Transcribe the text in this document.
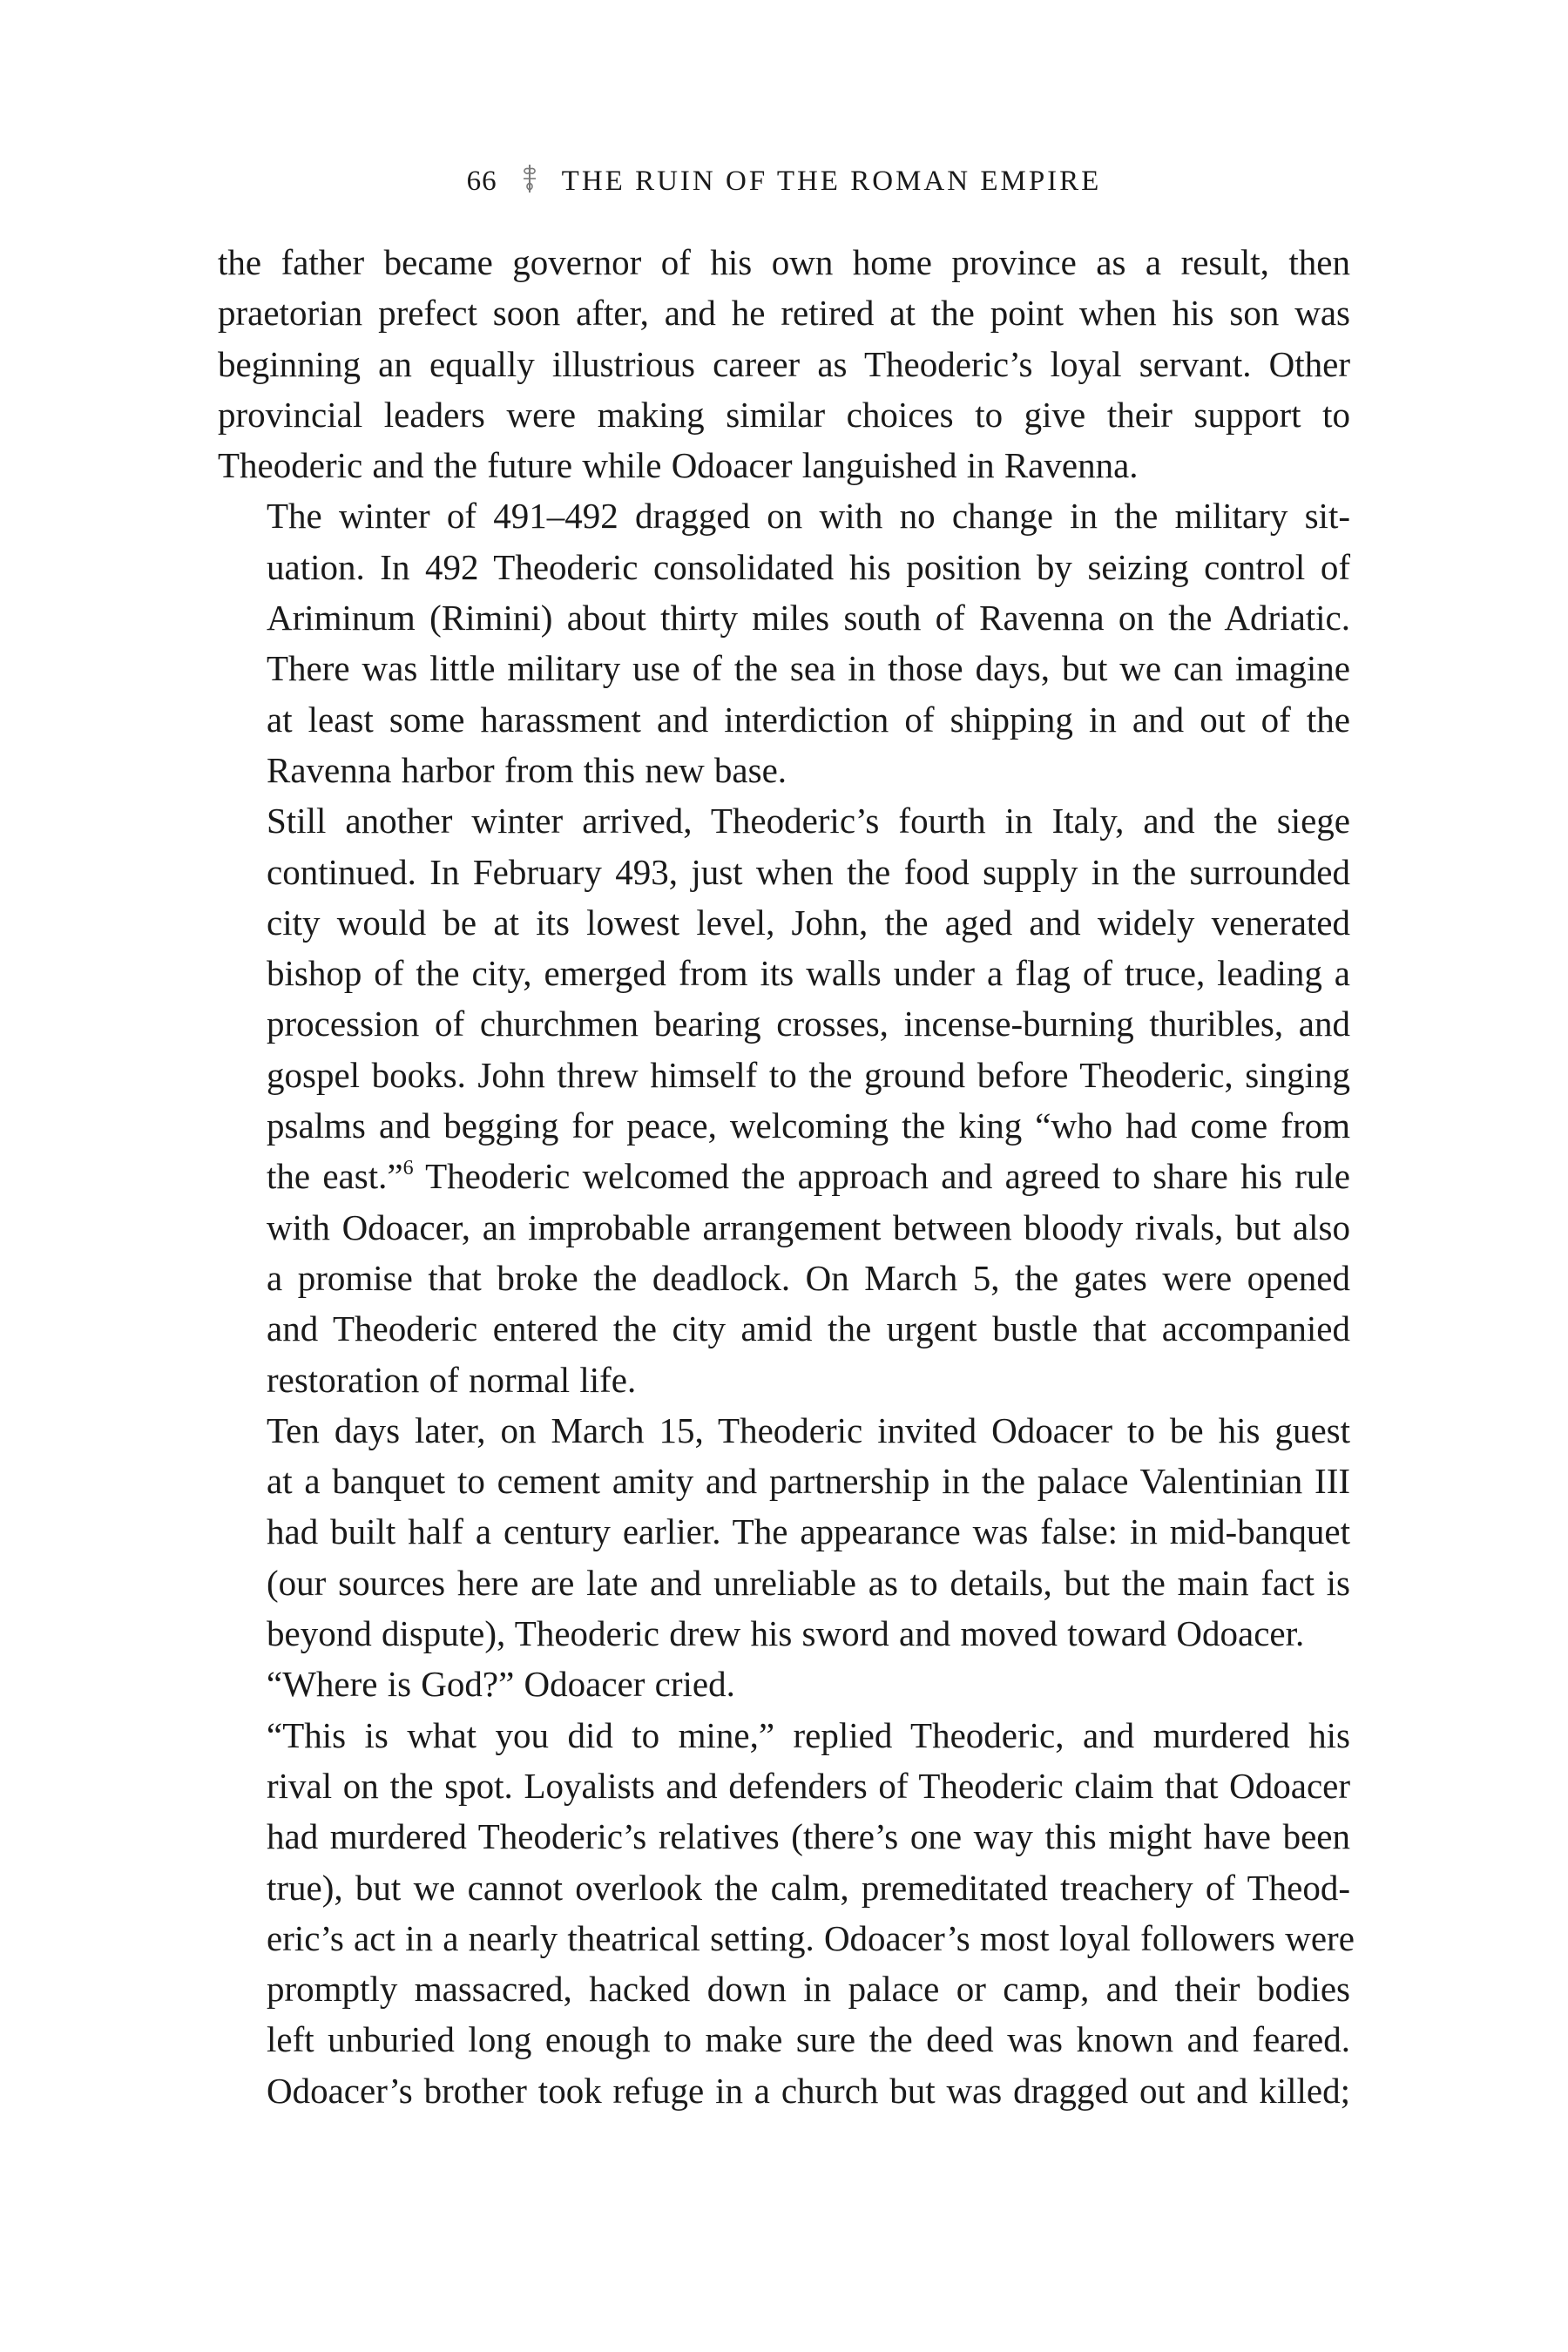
66 THE RUIN OF THE ROMAN EMPIRE

the father became governor of his own home province as a result, then
praetorian prefect soon after, and he retired at the point when his son was
beginning an equally illustrious career as Theoderic’s loyal servant. Other
provincial leaders were making similar choices to give their support to
Theoderic and the future while Odoacer languished in Ravenna.

The winter of 491–492 dragged on with no change in the military sit-
uation. In 492 Theoderic consolidated his position by seizing control of
Ariminum (Rimini) about thirty miles south of Ravenna on the Adriatic.
There was little military use of the sea in those days, but we can imagine
at least some harassment and interdiction of shipping in and out of the
Ravenna harbor from this new base.

Still another winter arrived, Theoderic’s fourth in Italy, and the siege
continued. In February 493, just when the food supply in the surrounded
city would be at its lowest level, John, the aged and widely venerated
bishop of the city, emerged from its walls under a flag of truce, leading a
procession of churchmen bearing crosses, incense-burning thuribles, and
gospel books. John threw himself to the ground before Theoderic, singing
psalms and begging for peace, welcoming the king “who had come from
the east.”$^6$ Theoderic welcomed the approach and agreed to share his rule
with Odoacer, an improbable arrangement between bloody rivals, but also
a promise that broke the deadlock. On March 5, the gates were opened
and Theoderic entered the city amid the urgent bustle that accompanied
restoration of normal life.

Ten days later, on March 15, Theoderic invited Odoacer to be his guest
at a banquet to cement amity and partnership in the palace Valentinian III
had built half a century earlier. The appearance was false: in mid-banquet
(our sources here are late and unreliable as to details, but the main fact is
beyond dispute), Theoderic drew his sword and moved toward Odoacer.

“Where is God?” Odoacer cried.

“This is what you did to mine,” replied Theoderic, and murdered his
rival on the spot. Loyalists and defenders of Theoderic claim that Odoacer
had murdered Theoderic’s relatives (there’s one way this might have been
true), but we cannot overlook the calm, premeditated treachery of Theod-
eric’s act in a nearly theatrical setting. Odoacer’s most loyal followers were
promptly massacred, hacked down in palace or camp, and their bodies
left unburied long enough to make sure the deed was known and feared.
Odoacer’s brother took refuge in a church but was dragged out and killed;
